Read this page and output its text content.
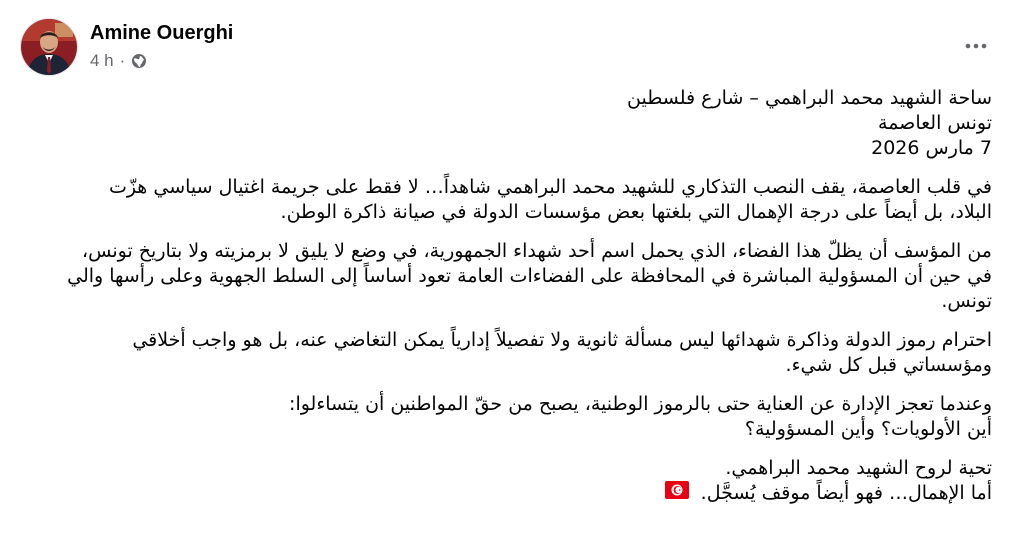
Amine Ouerghi
4 h ·
ساحة الشهيد محمد البراهمي – شارع فلسطين
تونس العاصمة
7 مارس 2026
في قلب العاصمة، يقف النصب التذكاري للشهيد محمد البراهمي شاهداً… لا فقط على جريمة اغتيال سياسي هزّت
البلاد، بل أيضاً على درجة الإهمال التي بلغتها بعض مؤسسات الدولة في صيانة ذاكرة الوطن.
من المؤسف أن يظلّ هذا الفضاء، الذي يحمل اسم أحد شهداء الجمهورية، في وضع لا يليق لا برمزيته ولا بتاريخ تونس،
في حين أن المسؤولية المباشرة في المحافظة على الفضاءات العامة تعود أساساً إلى السلط الجهوية وعلى رأسها والي
تونس.
احترام رموز الدولة وذاكرة شهدائها ليس مسألة ثانوية ولا تفصيلاً إدارياً يمكن التغاضي عنه، بل هو واجب أخلاقي
ومؤسساتي قبل كل شيء.
وعندما تعجز الإدارة عن العناية حتى بالرموز الوطنية، يصبح من حقّ المواطنين أن يتساءلوا:
أين الأولويات؟ وأين المسؤولية؟
تحية لروح الشهيد محمد البراهمي.
أما الإهمال… فهو أيضاً موقف يُسجَّل.
